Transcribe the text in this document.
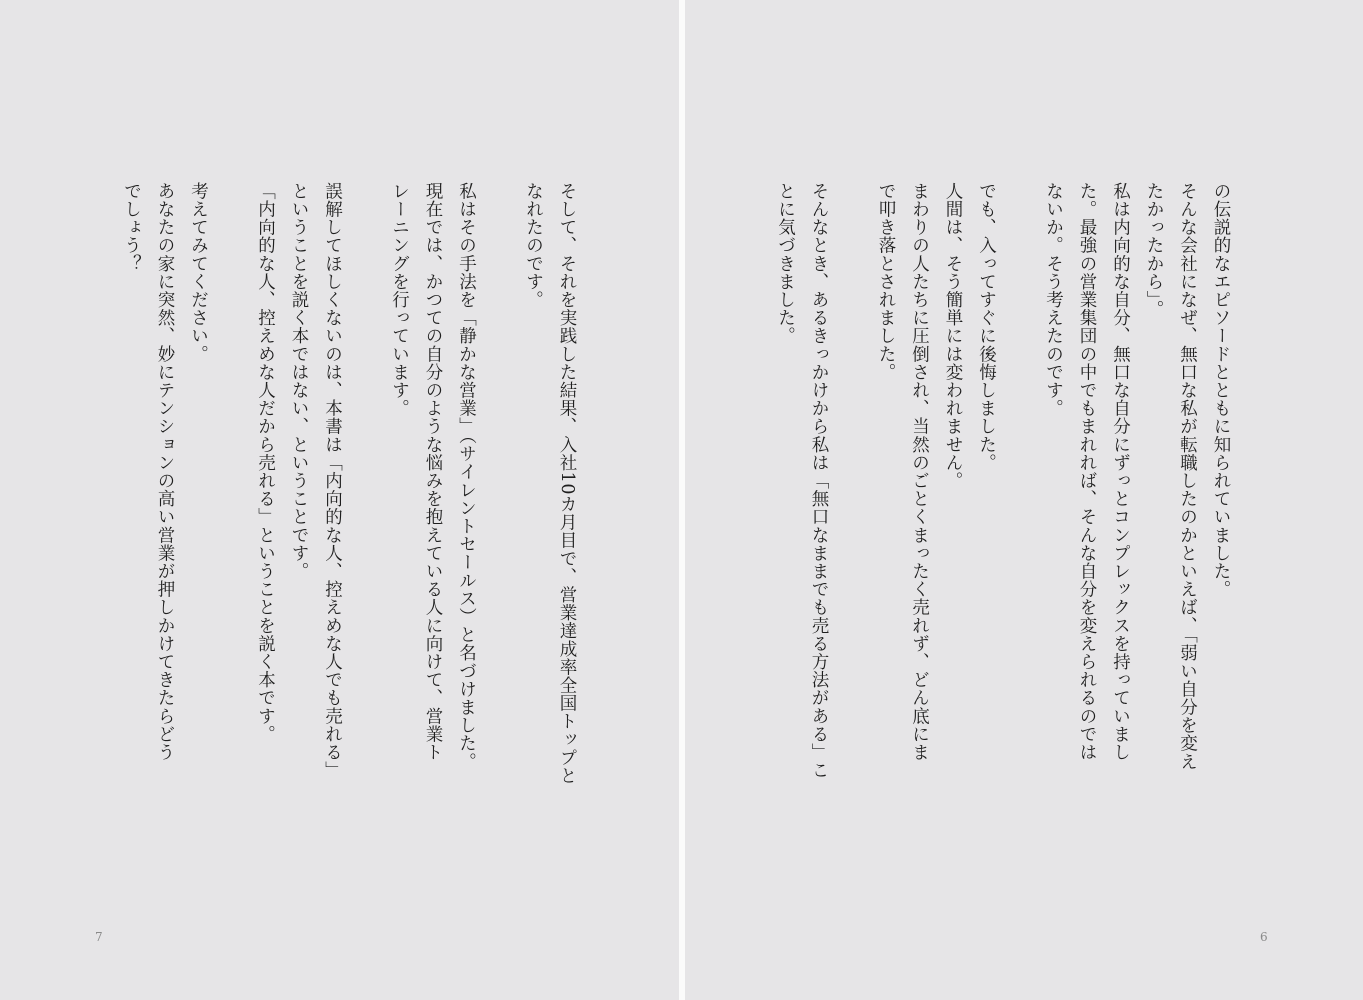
そして、それを実践した結果、入社10カ月目で、営業達成率全国トップと
なれたのです。
私はその手法を「静かな営業」（サイレントセールス）と名づけました。
現在では、かつての自分のような悩みを抱えている人に向けて、営業ト
レーニングを行っています。
誤解してほしくないのは、本書は「内向的な人、控えめな人でも売れる」
ということを説く本ではない、ということです。
「内向的な人、控えめな人だから売れる」ということを説く本です。
考えてみてください。
あなたの家に突然、妙にテンションの高い営業が押しかけてきたらどう
でしょう？
7
の伝説的なエピソードとともに知られていました。
そんな会社になぜ、無口な私が転職したのかといえば、「弱い自分を変え
たかったから」。
私は内向的な自分、無口な自分にずっとコンプレックスを持っていまし
た。最強の営業集団の中でもまれれば、そんな自分を変えられるのでは
ないか。そう考えたのです。
でも、入ってすぐに後悔しました。
人間は、そう簡単には変われません。
まわりの人たちに圧倒され、当然のごとくまったく売れず、どん底にま
で叩き落とされました。
そんなとき、あるきっかけから私は「無口なままでも売る方法がある」こ
とに気づきました。
6
